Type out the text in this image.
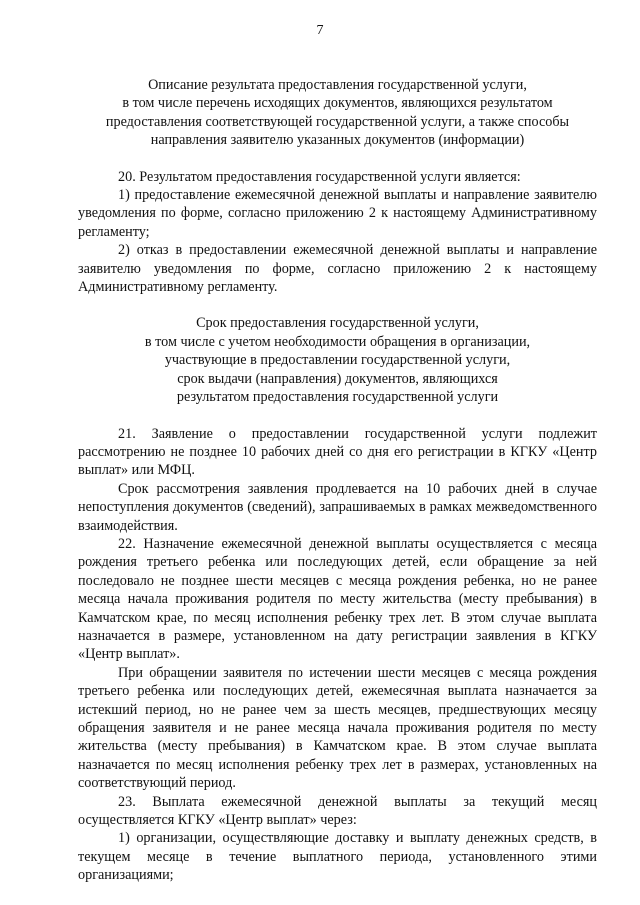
7
Описание результата предоставления государственной услуги,
в том числе перечень исходящих документов, являющихся результатом
предоставления соответствующей государственной услуги, а также способы
направления заявителю указанных документов (информации)

20. Результатом предоставления государственной услуги является:

1) предоставление ежемесячной денежной выплаты и направление заявителю уведомления по форме, согласно приложению 2 к настоящему Административному регламенту;

2) отказ в предоставлении ежемесячной денежной выплаты и направление заявителю уведомления по форме, согласно приложению 2 к настоящему Административному регламенту.

Срок предоставления государственной услуги,
в том числе с учетом необходимости обращения в организации,
участвующие в предоставлении государственной услуги,
срок выдачи (направления) документов, являющихся
результатом предоставления государственной услуги

21. Заявление о предоставлении государственной услуги подлежит рассмотрению не позднее 10 рабочих дней со дня его регистрации в КГКУ «Центр выплат» или МФЦ.

Срок рассмотрения заявления продлевается на 10 рабочих дней в случае непоступления документов (сведений), запрашиваемых в рамках межведомственного взаимодействия.

22. Назначение ежемесячной денежной выплаты осуществляется с месяца рождения третьего ребенка или последующих детей, если обращение за ней последовало не позднее шести месяцев с месяца рождения ребенка, но не ранее месяца начала проживания родителя по месту жительства (месту пребывания) в Камчатском крае, по месяц исполнения ребенку трех лет. В этом случае выплата назначается в размере, установленном на дату регистрации заявления в КГКУ «Центр выплат».

При обращении заявителя по истечении шести месяцев с месяца рождения третьего ребенка или последующих детей, ежемесячная выплата назначается за истекший период, но не ранее чем за шесть месяцев, предшествующих месяцу обращения заявителя и не ранее месяца начала проживания родителя по месту жительства (месту пребывания) в Камчатском крае. В этом случае выплата назначается по месяц исполнения ребенку трех лет в размерах, установленных на соответствующий период.

23. Выплата ежемесячной денежной выплаты за текущий месяц осуществляется КГКУ «Центр выплат» через:

1) организации, осуществляющие доставку и выплату денежных средств, в текущем месяце в течение выплатного периода, установленного этими организациями;
